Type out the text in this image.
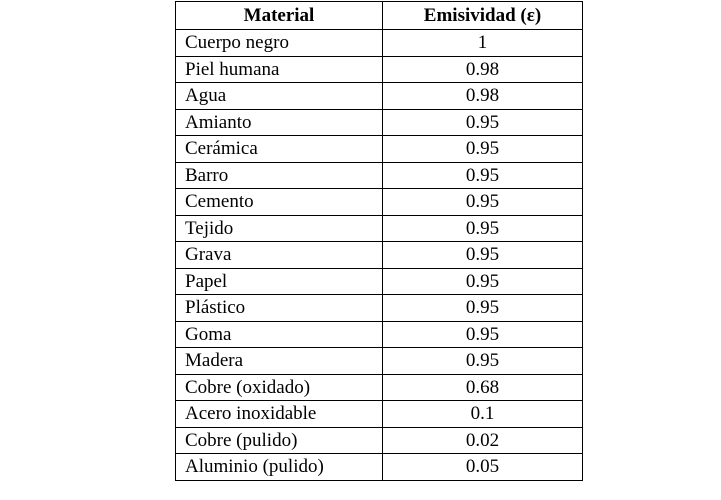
Material	Emisividad (ε)
Cuerpo negro	1
Piel humana	0.98
Agua	0.98
Amianto	0.95
Cerámica	0.95
Barro	0.95
Cemento	0.95
Tejido	0.95
Grava	0.95
Papel	0.95
Plástico	0.95
Goma	0.95
Madera	0.95
Cobre (oxidado)	0.68
Acero inoxidable	0.1
Cobre (pulido)	0.02
Aluminio (pulido)	0.05
